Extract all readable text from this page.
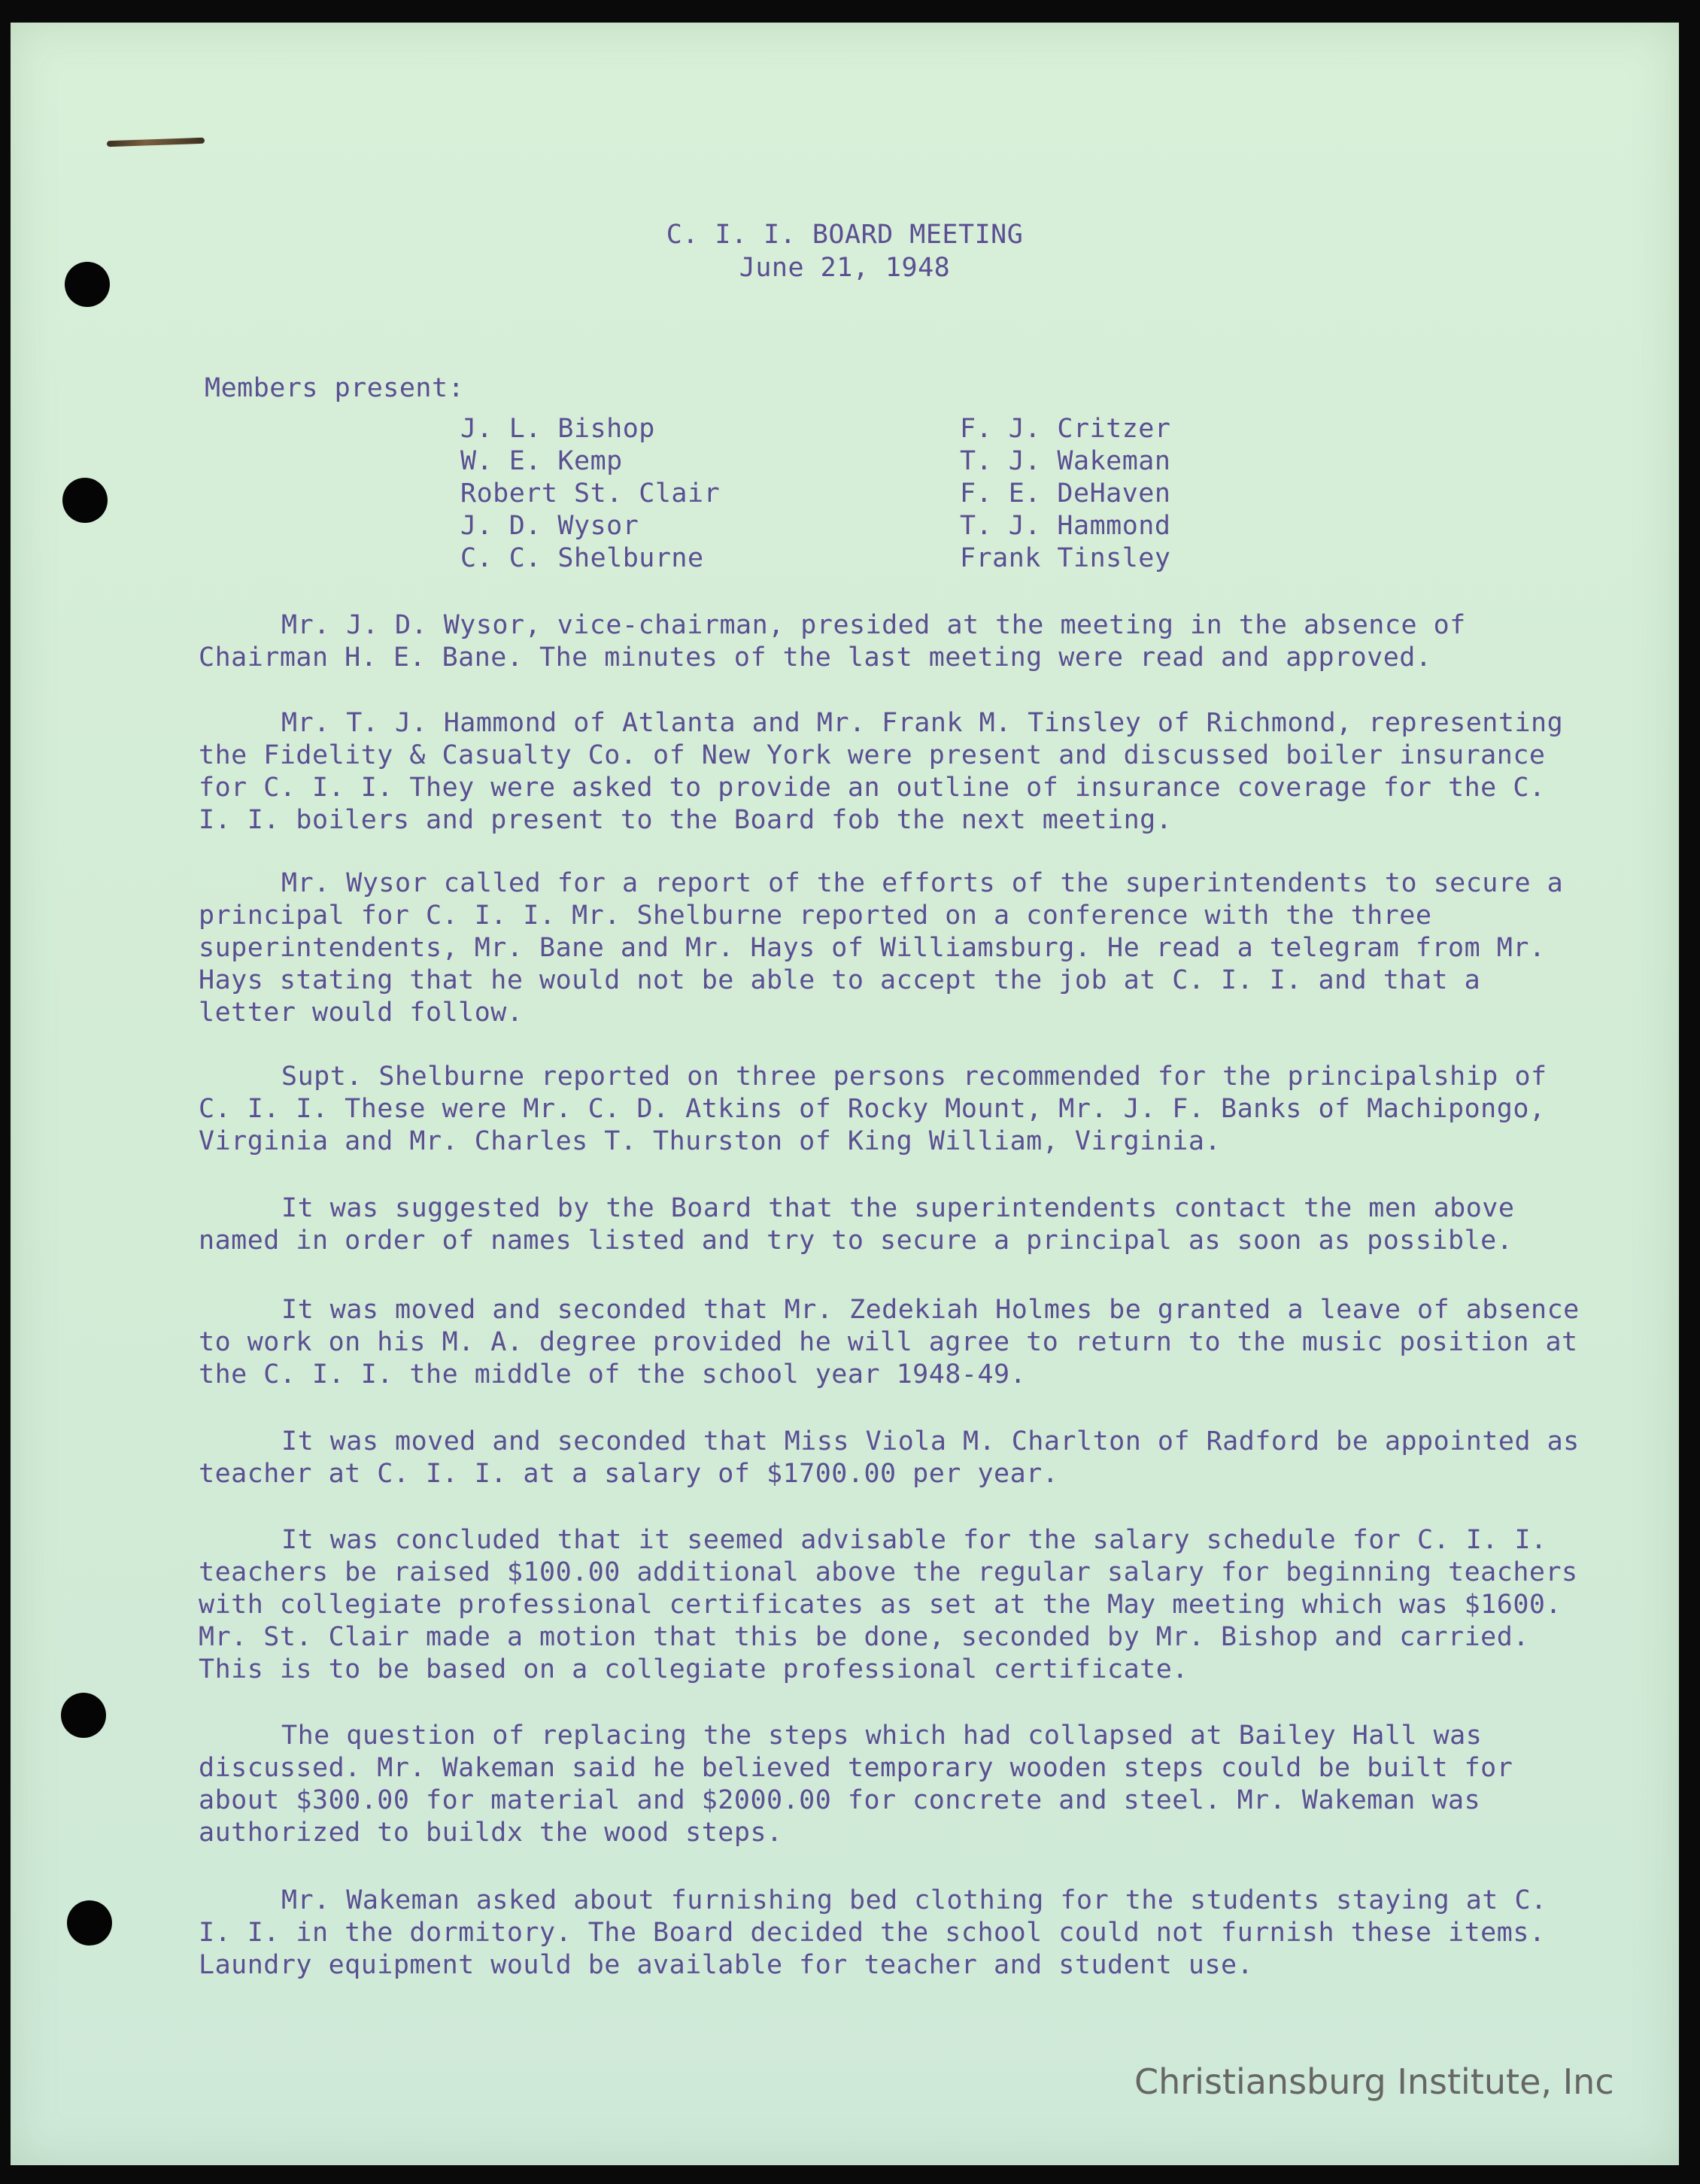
C. I. I. BOARD MEETING
June 21, 1948
Members present:
J. L. Bishop
W. E. Kemp
Robert St. Clair
J. D. Wysor
C. C. Shelburne
F. J. Critzer
T. J. Wakeman
F. E. DeHaven
T. J. Hammond
Frank Tinsley

Mr. J. D. Wysor, vice-chairman, presided at the meeting in the absence of Chairman H. E. Bane. The minutes of the last meeting were read and approved.

Mr. T. J. Hammond of Atlanta and Mr. Frank M. Tinsley of Richmond, representing the Fidelity & Casualty Co. of New York were present and discussed boiler insurance for C. I. I. They were asked to provide an outline of insurance coverage for the C. I. I. boilers and present to the Board fob the next meeting.

Mr. Wysor called for a report of the efforts of the superintendents to secure a principal for C. I. I. Mr. Shelburne reported on a conference with the three superintendents, Mr. Bane and Mr. Hays of Williamsburg. He read a telegram from Mr. Hays stating that he would not be able to accept the job at C. I. I. and that a letter would follow.

Supt. Shelburne reported on three persons recommended for the principalship of C. I. I. These were Mr. C. D. Atkins of Rocky Mount, Mr. J. F. Banks of Machipongo, Virginia and Mr. Charles T. Thurston of King William, Virginia.

It was suggested by the Board that the superintendents contact the men above named in order of names listed and try to secure a principal as soon as possible.

It was moved and seconded that Mr. Zedekiah Holmes be granted a leave of absence to work on his M. A. degree provided he will agree to return to the music position at the C. I. I. the middle of the school year 1948-49.

It was moved and seconded that Miss Viola M. Charlton of Radford be appointed as teacher at C. I. I. at a salary of $1700.00 per year.

It was concluded that it seemed advisable for the salary schedule for C. I. I. teachers be raised $100.00 additional above the regular salary for beginning teachers with collegiate professional certificates as set at the May meeting which was $1600. Mr. St. Clair made a motion that this be done, seconded by Mr. Bishop and carried. This is to be based on a collegiate professional certificate.

The question of replacing the steps which had collapsed at Bailey Hall was discussed. Mr. Wakeman said he believed temporary wooden steps could be built for about $300.00 for material and $2000.00 for concrete and steel. Mr. Wakeman was authorized to buildx the wood steps.

Mr. Wakeman asked about furnishing bed clothing for the students staying at C. I. I. in the dormitory. The Board decided the school could not furnish these items. Laundry equipment would be available for teacher and student use.

Christiansburg Institute, Inc
